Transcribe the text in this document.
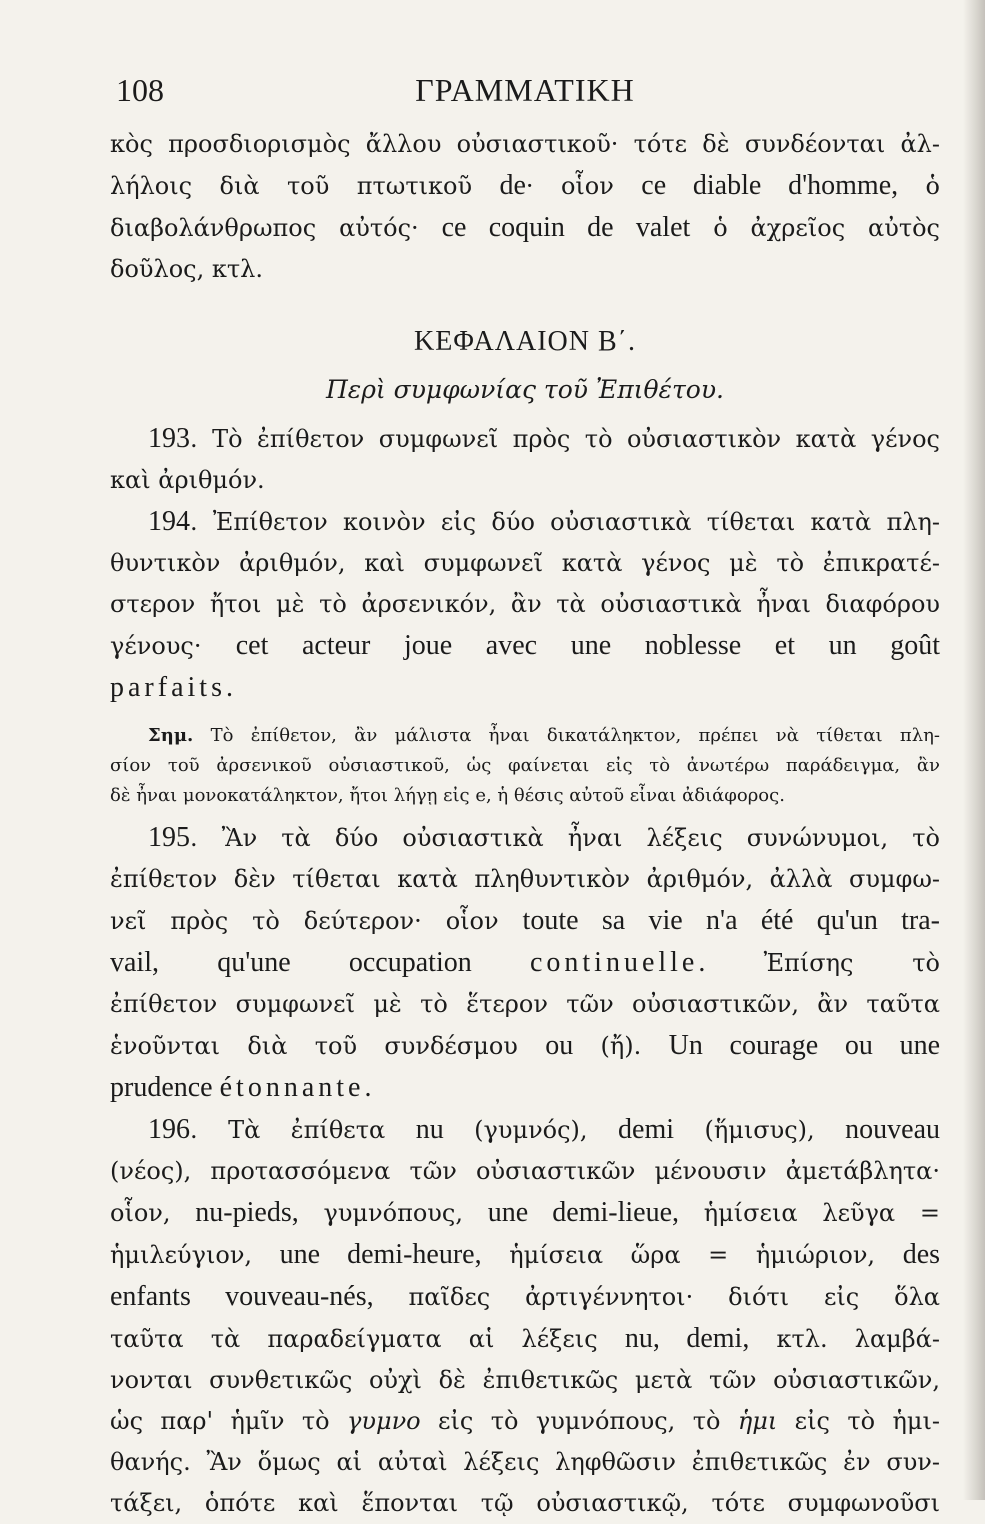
108	ΓΡΑΜΜΑΤΙΚΗ
κὸς προσδιορισμὸς ἄλλου οὐσιαστικοῦ· τότε δὲ συνδέονται ἀλ-
λήλοις διὰ τοῦ πτωτικοῦ de· οἷον ce diable d'homme, ὁ
διαβολάνθρωπος αὐτός· ce coquin de valet ὁ ἀχρεῖος αὐτὸς
δοῦλος, κτλ.
ΚΕΦΑΛΑΙΟΝ Β΄.
Περὶ συμφωνίας τοῦ Ἐπιθέτου.
193. Τὸ ἐπίθετον συμφωνεῖ πρὸς τὸ οὐσιαστικὸν κατὰ γένος
καὶ ἀριθμόν.
194. Ἐπίθετον κοινὸν εἰς δύο οὐσιαστικὰ τίθεται κατὰ πλη-
θυντικὸν ἀριθμόν, καὶ συμφωνεῖ κατὰ γένος μὲ τὸ ἐπικρατέ-
στερον ἤτοι μὲ τὸ ἀρσενικόν, ἂν τὰ οὐσιαστικὰ ἦναι διαφόρου
γένους· cet acteur joue avec une noblesse et un goût
parfaits.
Σημ. Τὸ ἐπίθετον, ἂν μάλιστα ἦναι δικατάληκτον, πρέπει νὰ τίθεται πλη-
σίον τοῦ ἀρσενικοῦ οὐσιαστικοῦ, ὡς φαίνεται εἰς τὸ ἀνωτέρω παράδειγμα, ἂν
δὲ ἦναι μονοκατάληκτον, ἤτοι λήγῃ εἰς e, ἡ θέσις αὐτοῦ εἶναι ἀδιάφορος.
195. Ἂν τὰ δύο οὐσιαστικὰ ἦναι λέξεις συνώνυμοι, τὸ
ἐπίθετον δὲν τίθεται κατὰ πληθυντικὸν ἀριθμόν, ἀλλὰ συμφω-
νεῖ πρὸς τὸ δεύτερον· οἷον toute sa vie n'a été qu'un tra-
vail, qu'une occupation continuelle. Ἐπίσης τὸ
ἐπίθετον συμφωνεῖ μὲ τὸ ἕτερον τῶν οὐσιαστικῶν, ἂν ταῦτα
ἑνοῦνται διὰ τοῦ συνδέσμου ou (ἤ). Un courage ou une
prudence étonnante.
196. Τὰ ἐπίθετα nu (γυμνός), demi (ἥμισυς), nouveau
(νέος), προτασσόμενα τῶν οὐσιαστικῶν μένουσιν ἀμετάβλητα·
οἷον, nu-pieds, γυμνόπους, une demi-lieue, ἡμίσεια λεῦγα =
ἡμιλεύγιον, une demi-heure, ἡμίσεια ὥρα = ἡμιώριον, des
enfants vouveau-nés, παῖδες ἀρτιγέννητοι· διότι εἰς ὅλα
ταῦτα τὰ παραδείγματα αἱ λέξεις nu, demi, κτλ. λαμβά-
νονται συνθετικῶς οὐχὶ δὲ ἐπιθετικῶς μετὰ τῶν οὐσιαστικῶν,
ὡς παρ' ἡμῖν τὸ γυμνο εἰς τὸ γυμνόπους, τὸ ἡμι εἰς τὸ ἡμι-
θανής. Ἂν ὅμως αἱ αὐταὶ λέξεις ληφθῶσιν ἐπιθετικῶς ἐν συν-
τάξει, ὁπότε καὶ ἕπονται τῷ οὐσιαστικῷ, τότε συμφωνοῦσι
